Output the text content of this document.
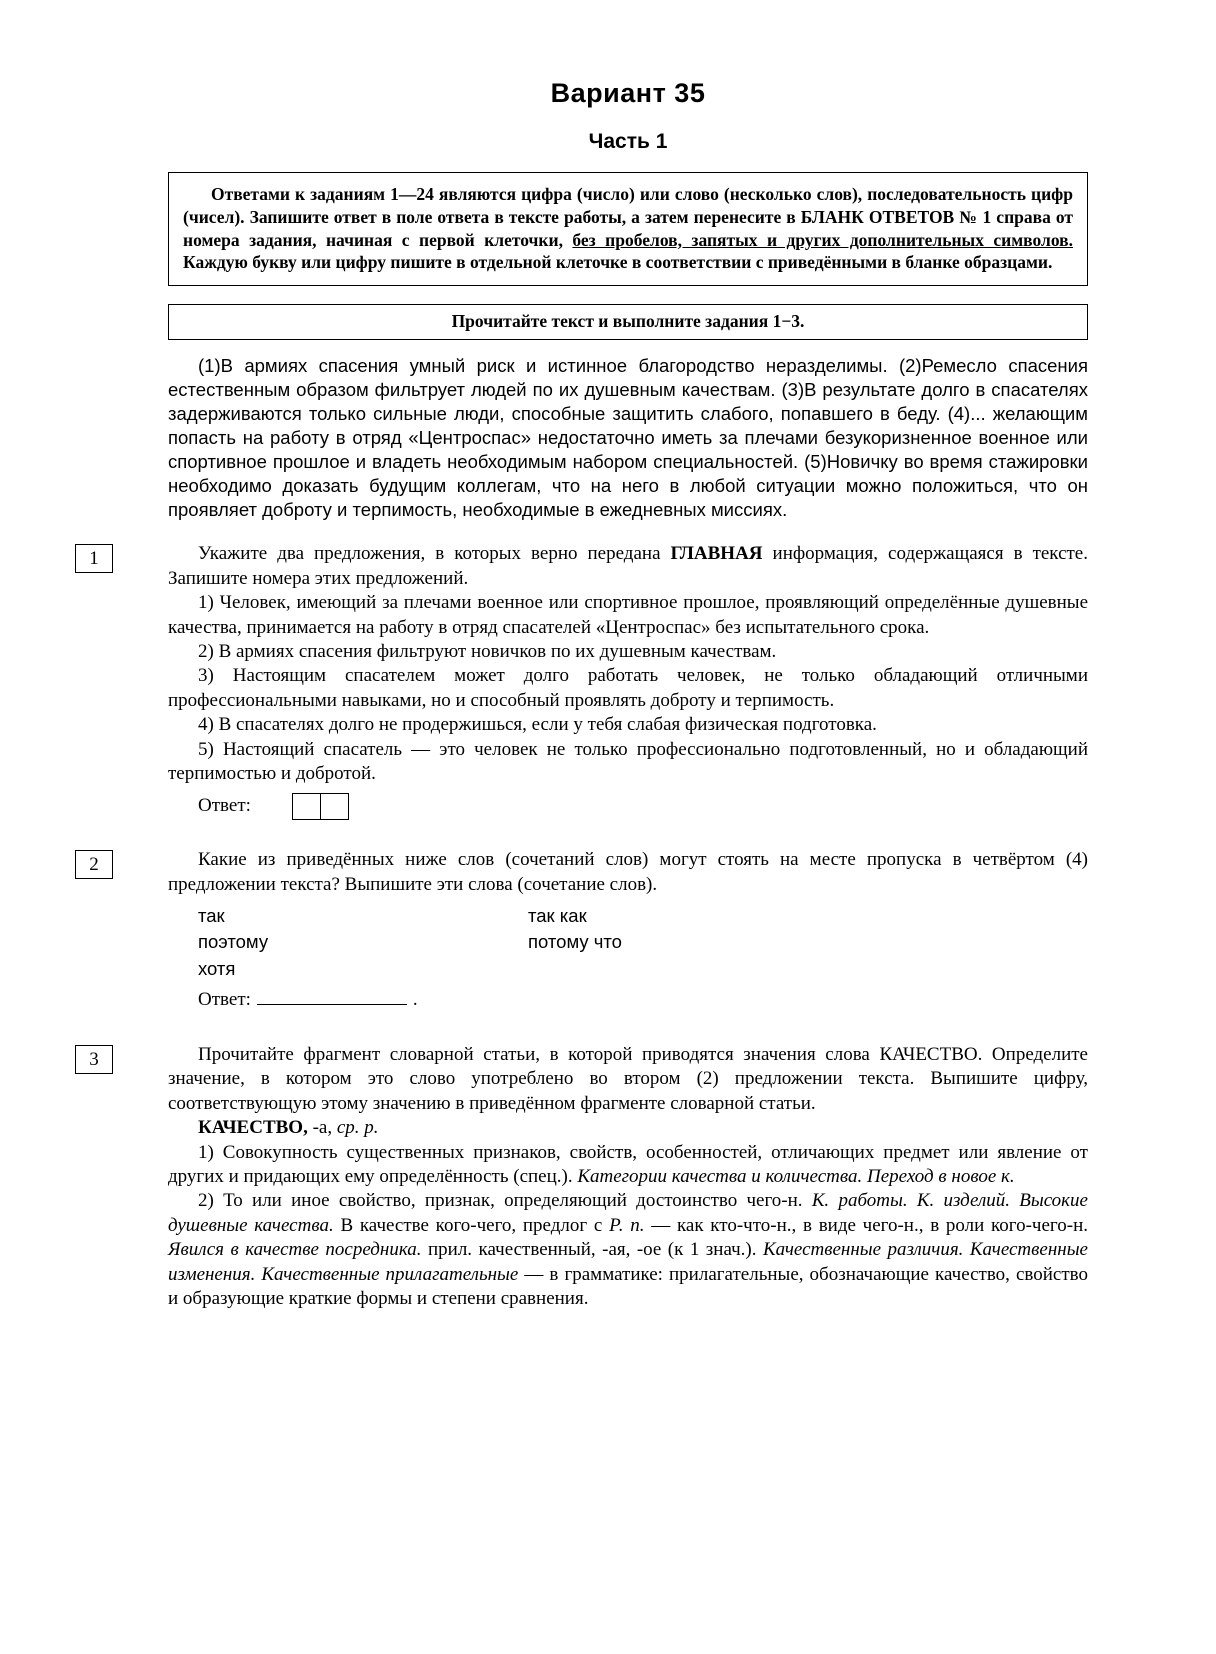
Вариант 35
Часть 1
Ответами к заданиям 1—24 являются цифра (число) или слово (несколько слов), последовательность цифр (чисел). Запишите ответ в поле ответа в тексте работы, а затем перенесите в БЛАНК ОТВЕТОВ № 1 справа от номера задания, начиная с первой клеточки, без пробелов, запятых и других дополнительных символов. Каждую букву или цифру пишите в отдельной клеточке в соответствии с приведёнными в бланке образцами.
Прочитайте текст и выполните задания 1−3.

(1)В армиях спасения умный риск и истинное благородство неразделимы. (2)Ремесло спасения естественным образом фильтрует людей по их душевным качествам. (3)В результате долго в спасателях задерживаются только сильные люди, способные защитить слабого, попавшего в беду. (4)... желающим попасть на работу в отряд «Центроспас» недостаточно иметь за плечами безукоризненное военное или спортивное прошлое и владеть необходимым набором специальностей. (5)Новичку во время стажировки необходимо доказать будущим коллегам, что на него в любой ситуации можно положиться, что он проявляет доброту и терпимость, необходимые в ежедневных миссиях.

1	Укажите два предложения, в которых верно передана ГЛАВНАЯ информация, содержащаяся в тексте. Запишите номера этих предложений.

1) Человек, имеющий за плечами военное или спортивное прошлое, проявляющий определённые душевные качества, принимается на работу в отряд спасателей «Центроспас» без испытательного срока.

2) В армиях спасения фильтруют новичков по их душевным качествам.

3) Настоящим спасателем может долго работать человек, не только обладающий отличными профессиональными навыками, но и способный проявлять доброту и терпимость.

4) В спасателях долго не продержишься, если у тебя слабая физическая подготовка.

5) Настоящий спасатель — это человек не только профессионально подготовленный, но и обладающий терпимостью и добротой.

Ответ:
2	Какие из приведённых ниже слов (сочетаний слов) могут стоять на месте пропуска в четвёртом (4) предложении текста? Выпишите эти слова (сочетание слов).

так	так как
поэтому	потому что
хотя
Ответ:	.
3	Прочитайте фрагмент словарной статьи, в которой приводятся значения слова КАЧЕСТВО. Определите значение, в котором это слово употреблено во втором (2) предложении текста. Выпишите цифру, соответствующую этому значению в приведённом фрагменте словарной статьи.

КАЧЕСТВО, -а, ср. р.

1) Совокупность существенных признаков, свойств, особенностей, отличающих предмет или явление от других и придающих ему определённость (спец.). Категории качества и количества. Переход в новое к.

2) То или иное свойство, признак, определяющий достоинство чего-н. К. работы. К. изделий. Высокие душевные качества. В качестве кого-чего, предлог с Р. п. — как кто-что-н., в виде чего-н., в роли кого-чего-н. Явился в качестве посредника. прил. качественный, -ая, -ое (к 1 знач.). Качественные различия. Качественные изменения. Качественные прилагательные — в грамматике: прилагательные, обозначающие качество, свойство и образующие краткие формы и степени сравнения.
